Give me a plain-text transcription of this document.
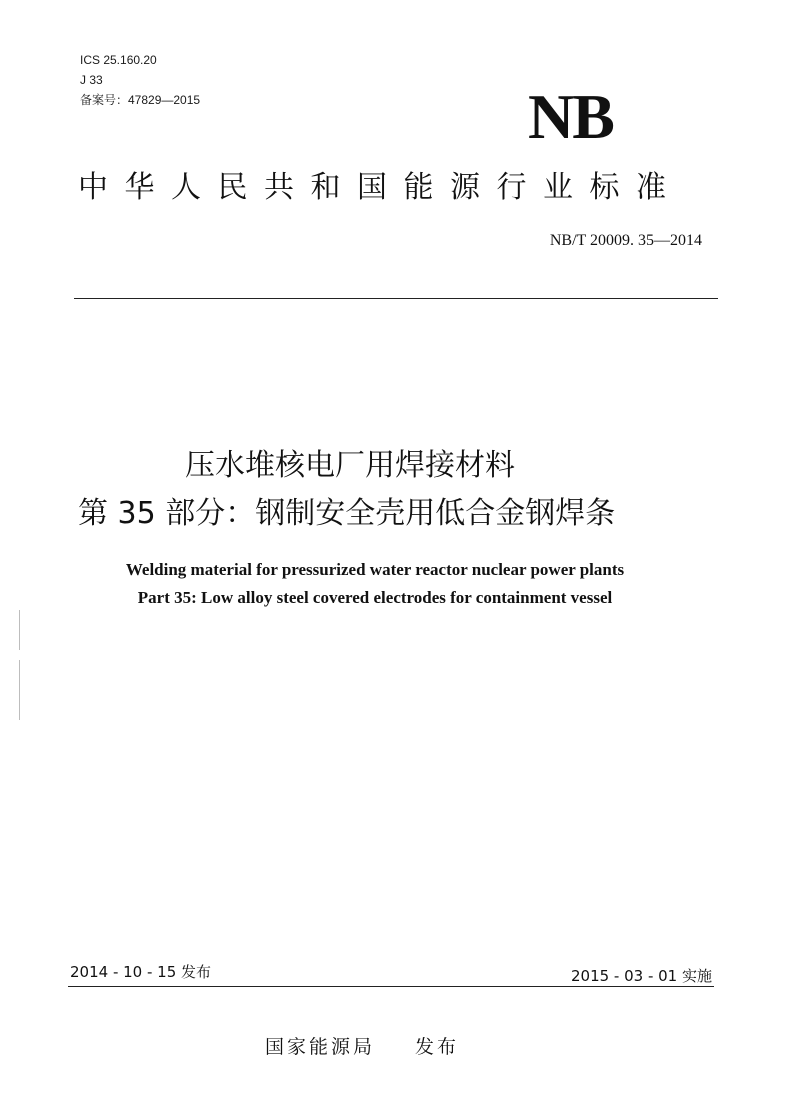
ICS 25.160.20
J 33
备案号：47829—2015	NB
中华人民共和国能源行业标准
NB/T 20009. 35—2014
压水堆核电厂用焊接材料
第 35 部分：钢制安全壳用低合金钢焊条
Welding material for pressurized water reactor nuclear power plants
Part 35: Low alloy steel covered electrodes for containment vessel
2014 - 10 - 15 发布	2015 - 03 - 01 实施
国家能源局 发布
